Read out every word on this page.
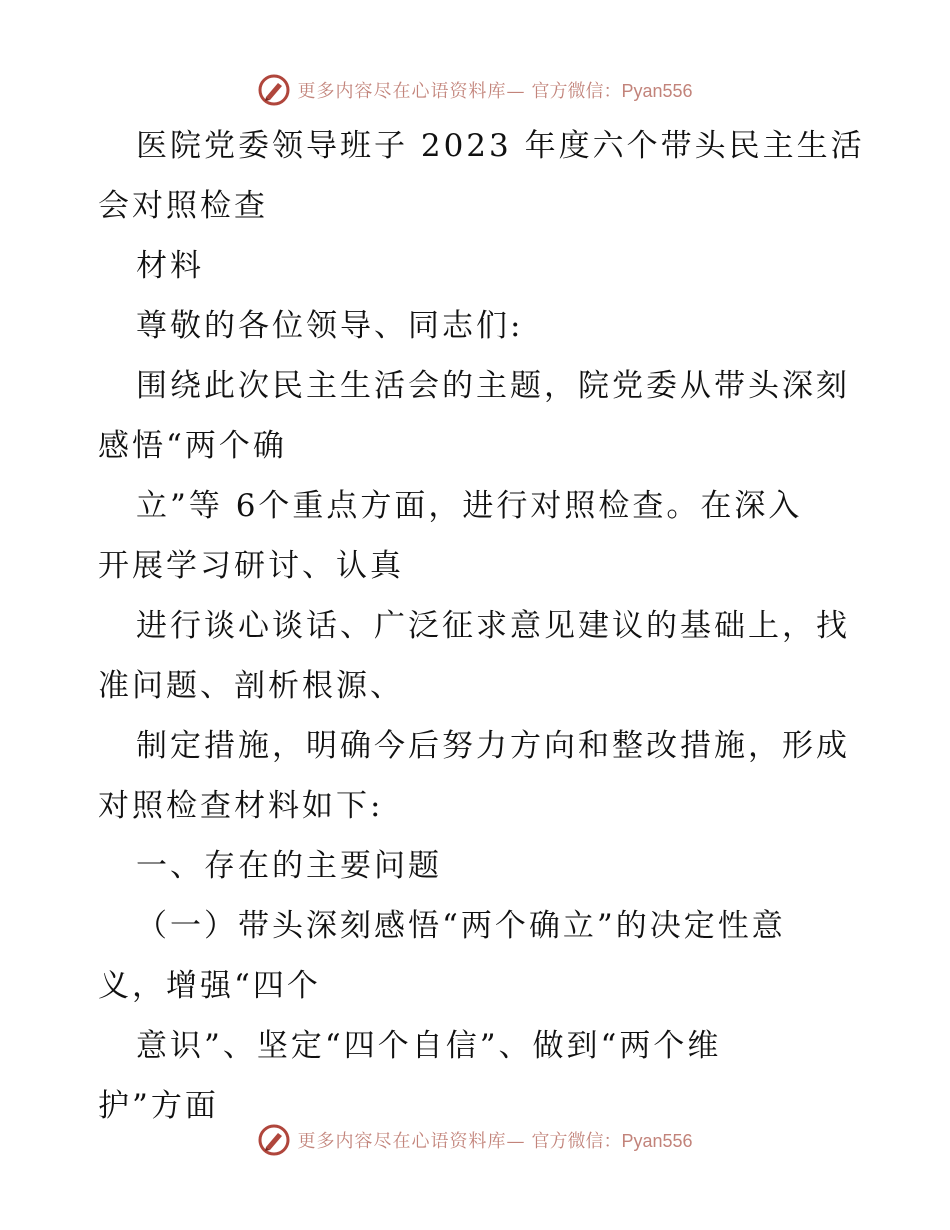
更多内容尽在心语资料库— 官方微信：Pyan556
医院党委领导班子 2023 年度六个带头民主生活
会对照检查
材料
尊敬的各位领导、同志们:
围绕此次民主生活会的主题，院党委从带头深刻
感悟“两个确
立”等 6个重点方面，进行对照检查。在深入
开展学习研讨、认真
进行谈心谈话、广泛征求意见建议的基础上，找
准问题、剖析根源、
制定措施，明确今后努力方向和整改措施，形成
对照检查材料如下:
一、存在的主要问题
（一）带头深刻感悟“两个确立”的决定性意
义，增强“四个
意识”、坚定“四个自信”、做到“两个维
护”方面
更多内容尽在心语资料库— 官方微信：Pyan556
